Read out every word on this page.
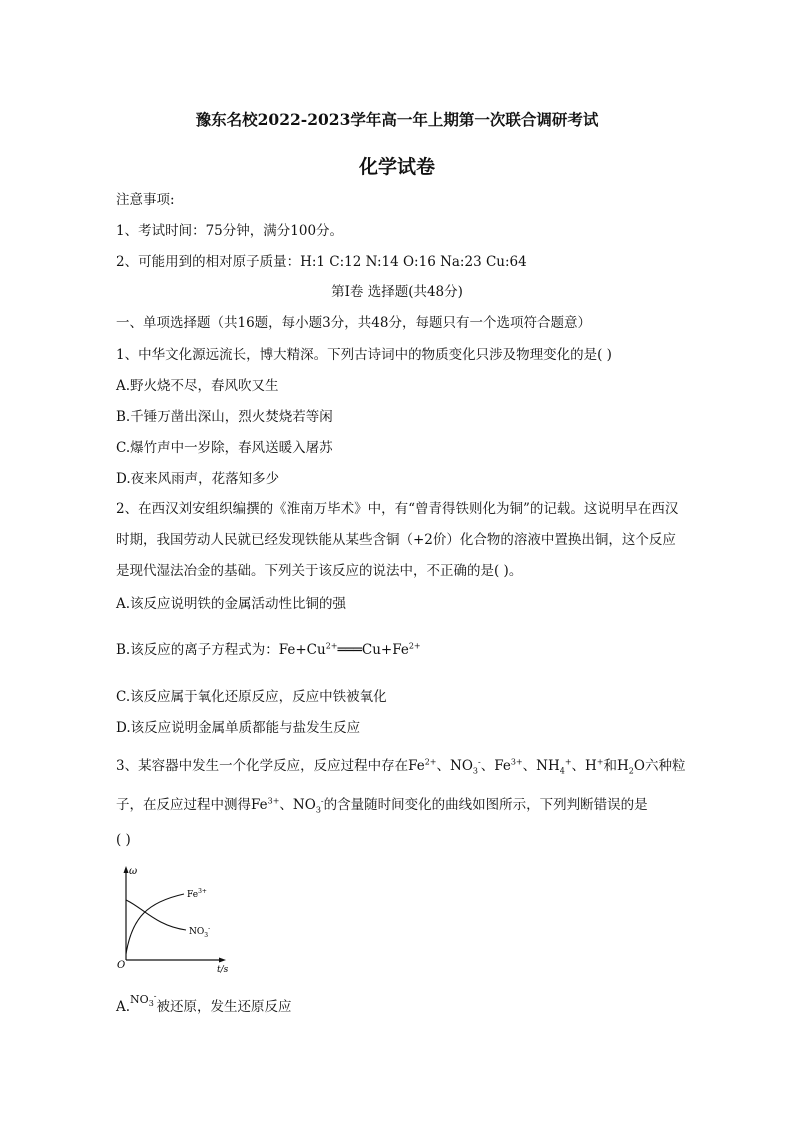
豫东名校2022-2023学年高一年上期第一次联合调研考试
化学试卷
注意事项:
1、考试时间：75分钟，满分100分。
2、可能用到的相对原子质量：H:1 C:12 N:14 O:16 Na:23 Cu:64
第Ⅰ卷 选择题(共48分)
一、单项选择题（共16题，每小题3分，共48分，每题只有一个选项符合题意）
1、中华文化源远流长，博大精深。下列古诗词中的物质变化只涉及物理变化的是( )
A.野火烧不尽，春风吹又生
B.千锤万凿出深山，烈火焚烧若等闲
C.爆竹声中一岁除，春风送暖入屠苏
D.夜来风雨声，花落知多少
2、在西汉刘安组织编撰的《淮南万毕术》中，有“曾青得铁则化为铜”的记载。这说明早在西汉时期，我国劳动人民就已经发现铁能从某些含铜（+2价）化合物的溶液中置换出铜，这个反应是现代湿法冶金的基础。下列关于该反应的说法中，不正确的是( )。
A.该反应说明铁的金属活动性比铜的强
B.该反应的离子方程式为：$Fe+Cu^{2+}═══Cu+Fe^{2+}$
C.该反应属于氧化还原反应，反应中铁被氧化
D.该反应说明金属单质都能与盐发生反应
3、某容器中发生一个化学反应，反应过程中存在$Fe^{2+}$、$NO_3^-$、$Fe^{3+}$、$NH_4^+$、H+和$H_2O$六种粒
子，在反应过程中测得$Fe^{3+}$、$NO_3^-$的含量随时间变化的曲线如图所示，下列判断错误的是
( )
ω
O	t/s
$Fe^{3+}$
$NO_3^-$
A.$^{NO_3^-}$被还原，发生还原反应
